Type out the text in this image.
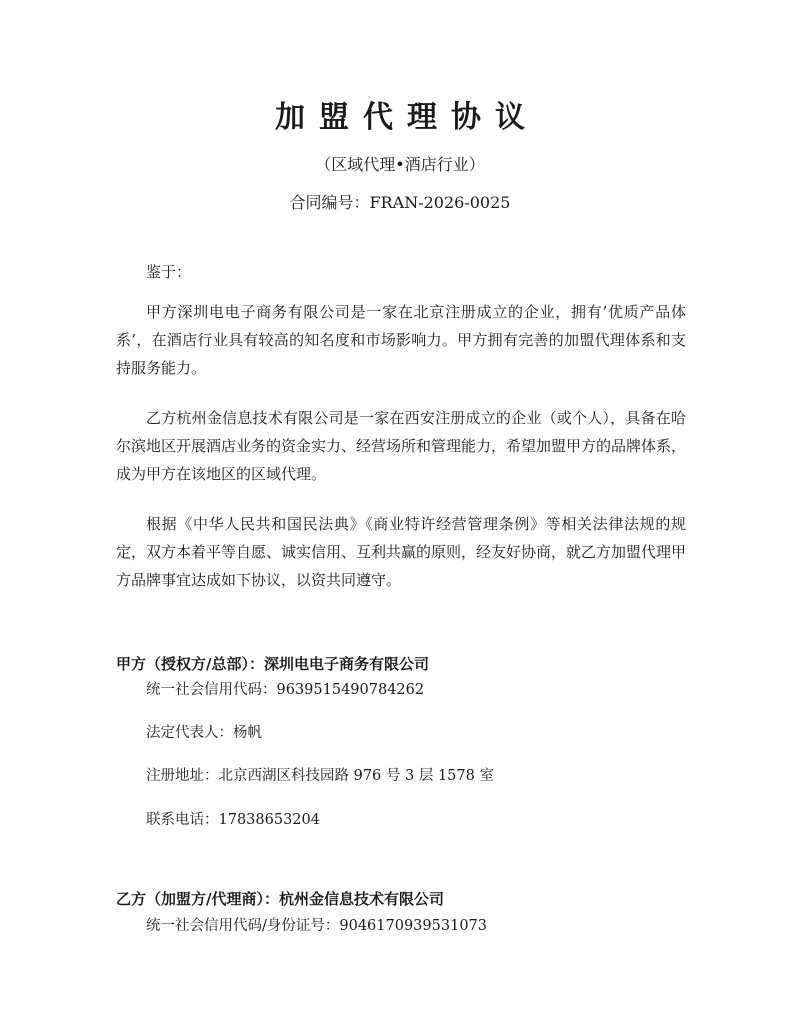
加盟代理协议
（区域代理•酒店行业）
合同编号：FRAN-2026-0025

鉴于：

甲方深圳电电子商务有限公司是一家在北京注册成立的企业，拥有’优质产品体系’，在酒店行业具有较高的知名度和市场影响力。甲方拥有完善的加盟代理体系和支持服务能力。

乙方杭州金信息技术有限公司是一家在西安注册成立的企业（或个人），具备在哈尔滨地区开展酒店业务的资金实力、经营场所和管理能力，希望加盟甲方的品牌体系，成为甲方在该地区的区域代理。

根据《中华人民共和国民法典》《商业特许经营管理条例》等相关法律法规的规定，双方本着平等自愿、诚实信用、互利共赢的原则，经友好协商，就乙方加盟代理甲方品牌事宜达成如下协议，以资共同遵守。

甲方（授权方/总部）：深圳电电子商务有限公司
统一社会信用代码：9639515490784262
法定代表人：杨帆
注册地址：北京西湖区科技园路 976 号 3 层 1578 室
联系电话：17838653204
乙方（加盟方/代理商）：杭州金信息技术有限公司
统一社会信用代码/身份证号：9046170939531073
